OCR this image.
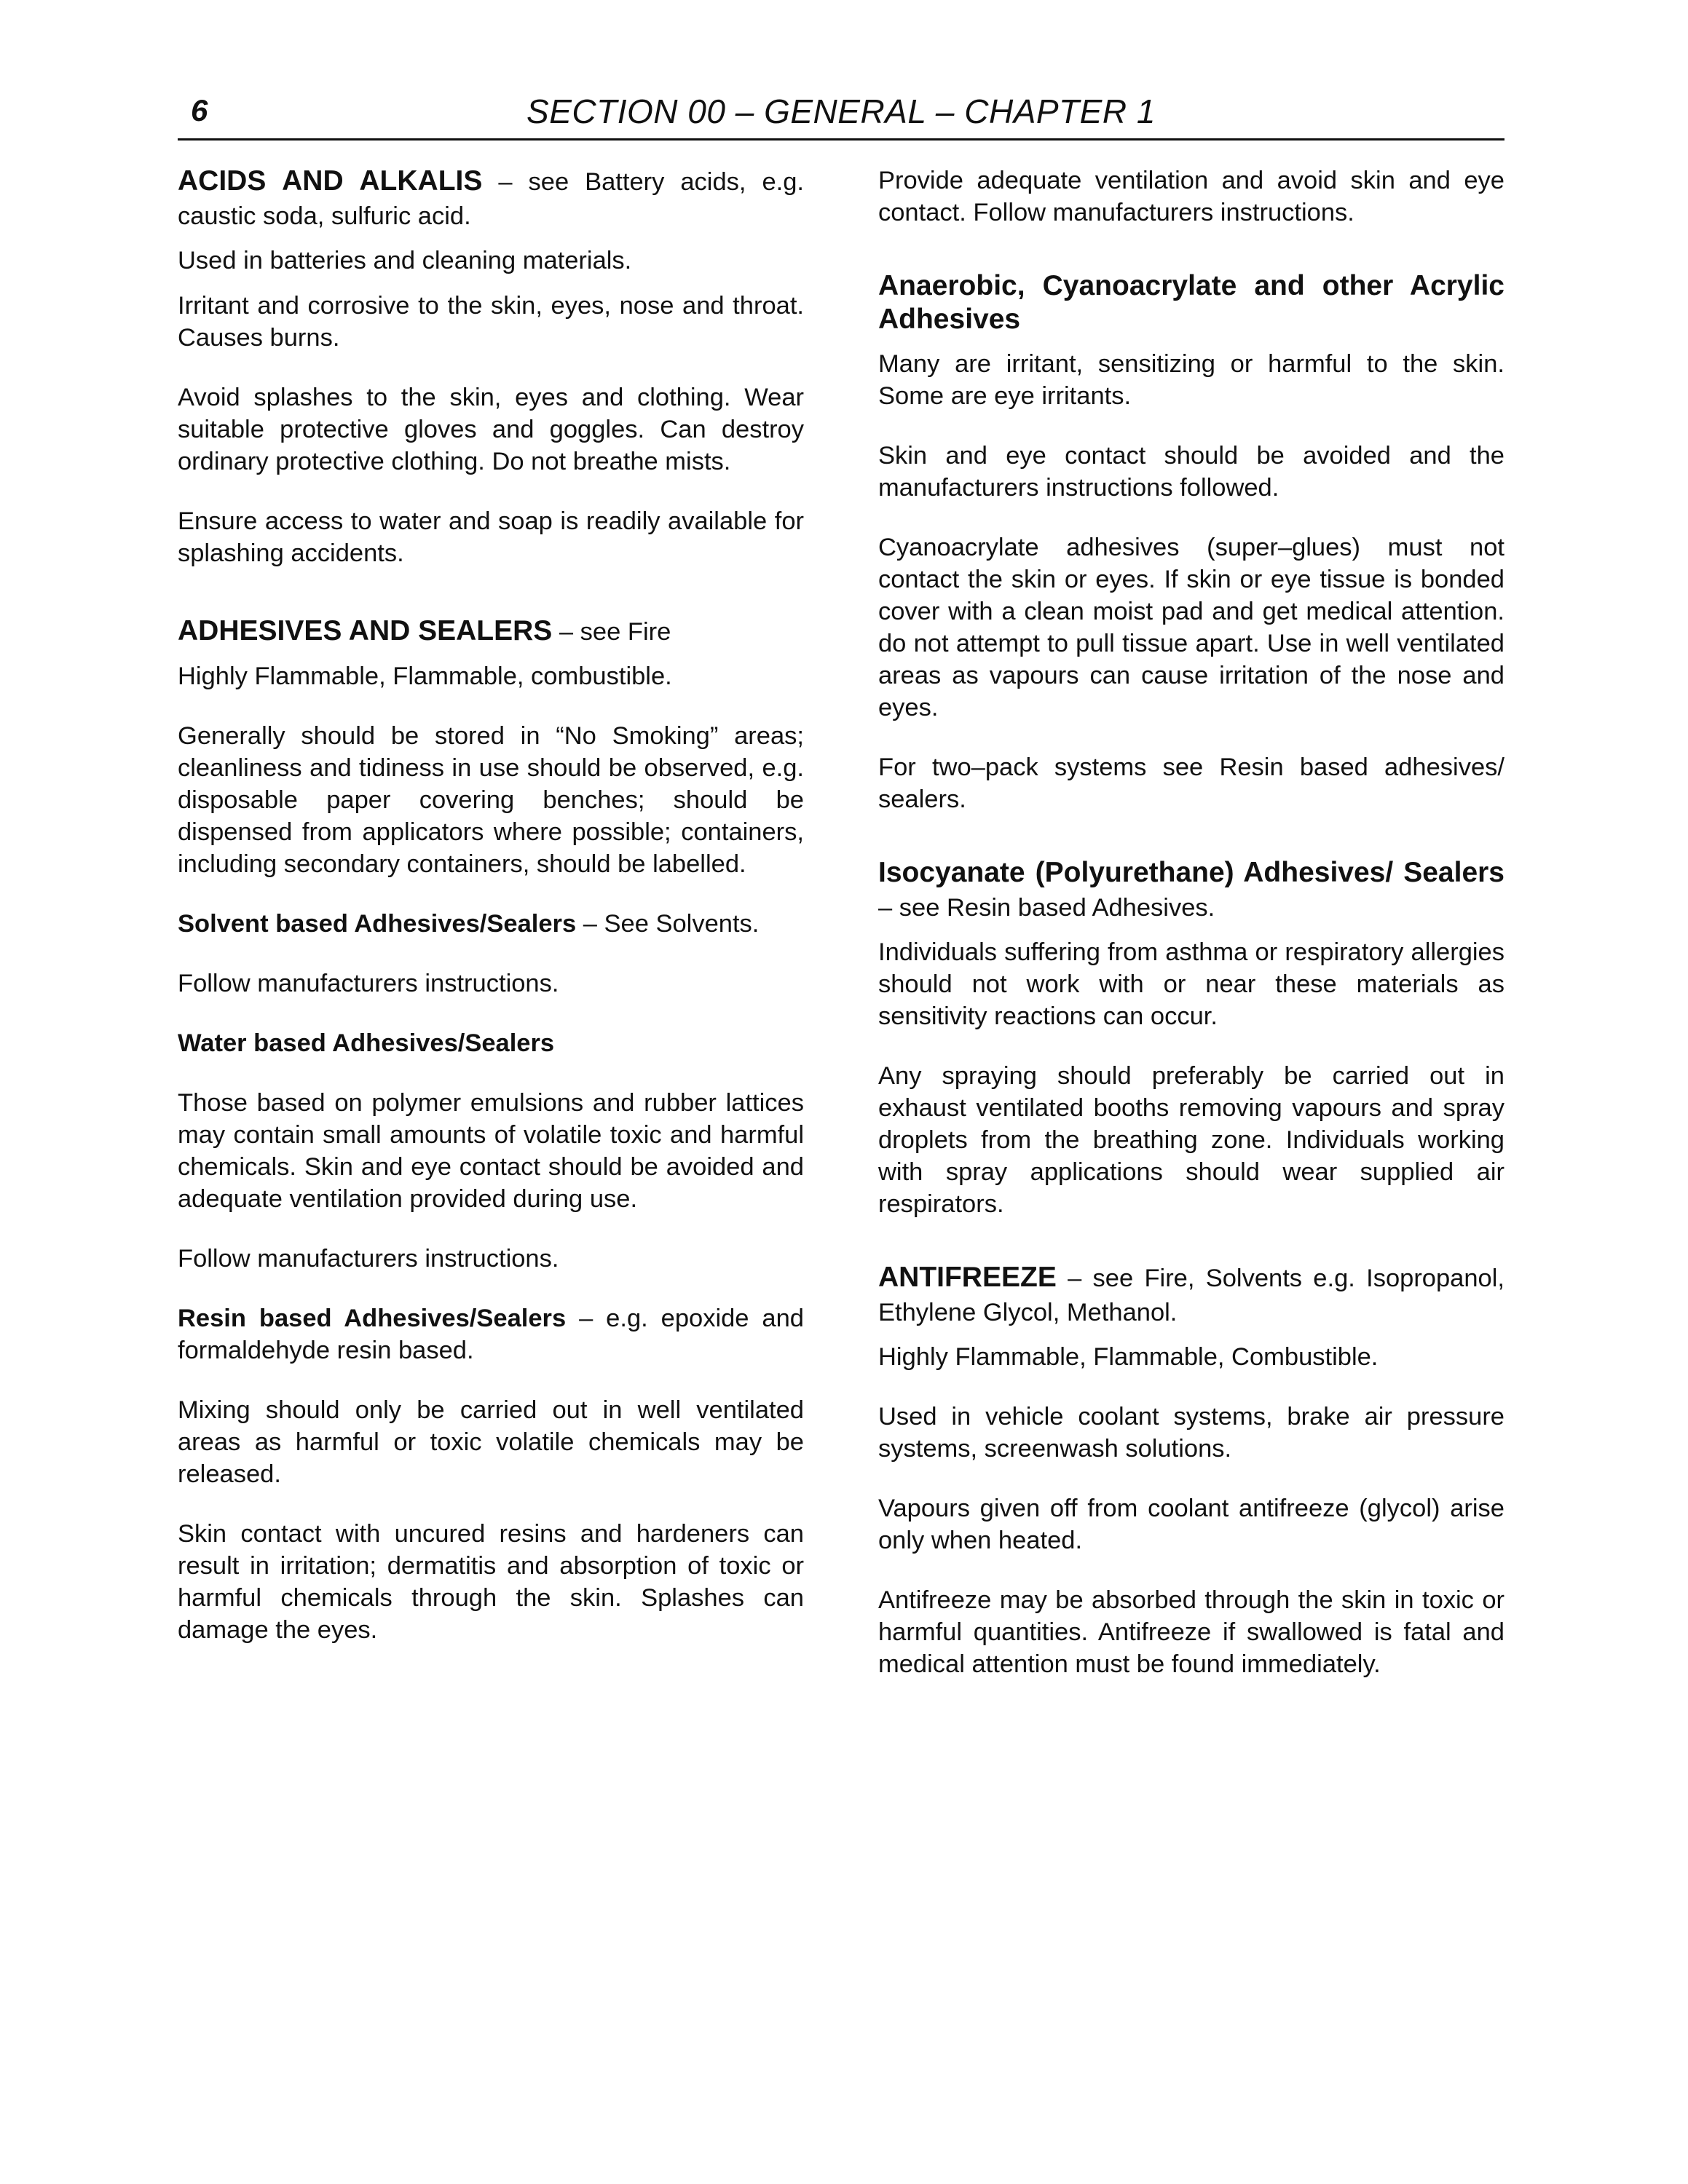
6	SECTION 00 – GENERAL – CHAPTER 1
ACIDS AND ALKALIS – see Battery acids, e.g. caustic soda, sulfuric acid.

Used in batteries and cleaning materials.

Irritant and corrosive to the skin, eyes, nose and throat. Causes burns.

Avoid splashes to the skin, eyes and clothing. Wear suitable protective gloves and goggles. Can destroy ordinary protective clothing. Do not breathe mists.

Ensure access to water and soap is readily available for splashing accidents.

ADHESIVES AND SEALERS – see Fire

Highly Flammable, Flammable, combustible.

Generally should be stored in “No Smoking” areas; cleanliness and tidiness in use should be observed, e.g. disposable paper covering benches; should be dispensed from applicators where possible; containers, including secondary containers, should be labelled.

Solvent based Adhesives/Sealers – See Solvents.

Follow manufacturers instructions.

Water based Adhesives/Sealers

Those based on polymer emulsions and rubber lattices may contain small amounts of volatile toxic and harmful chemicals. Skin and eye contact should be avoided and adequate ventilation provided during use.

Follow manufacturers instructions.

Resin based Adhesives/Sealers – e.g. epoxide and formaldehyde resin based.

Mixing should only be carried out in well ventilated areas as harmful or toxic volatile chemicals may be released.

Skin contact with uncured resins and hardeners can result in irritation; dermatitis and absorption of toxic or harmful chemicals through the skin. Splashes can damage the eyes.

Provide adequate ventilation and avoid skin and eye contact. Follow manufacturers instructions.

Anaerobic, Cyanoacrylate and other Acrylic Adhesives

Many are irritant, sensitizing or harmful to the skin. Some are eye irritants.

Skin and eye contact should be avoided and the manufacturers instructions followed.

Cyanoacrylate adhesives (super–glues) must not contact the skin or eyes. If skin or eye tissue is bonded cover with a clean moist pad and get medical attention. do not attempt to pull tissue apart. Use in well ventilated areas as vapours can cause irritation of the nose and eyes.

For two–pack systems see Resin based adhesives/ sealers.

Isocyanate (Polyurethane) Adhesives/ Sealers – see Resin based Adhesives.

Individuals suffering from asthma or respiratory allergies should not work with or near these materials as sensitivity reactions can occur.

Any spraying should preferably be carried out in exhaust ventilated booths removing vapours and spray droplets from the breathing zone. Individuals working with spray applications should wear supplied air respirators.

ANTIFREEZE – see Fire, Solvents e.g. Isopropanol, Ethylene Glycol, Methanol.

Highly Flammable, Flammable, Combustible.

Used in vehicle coolant systems, brake air pressure systems, screenwash solutions.

Vapours given off from coolant antifreeze (glycol) arise only when heated.

Antifreeze may be absorbed through the skin in toxic or harmful quantities. Antifreeze if swallowed is fatal and medical attention must be found immediately.
